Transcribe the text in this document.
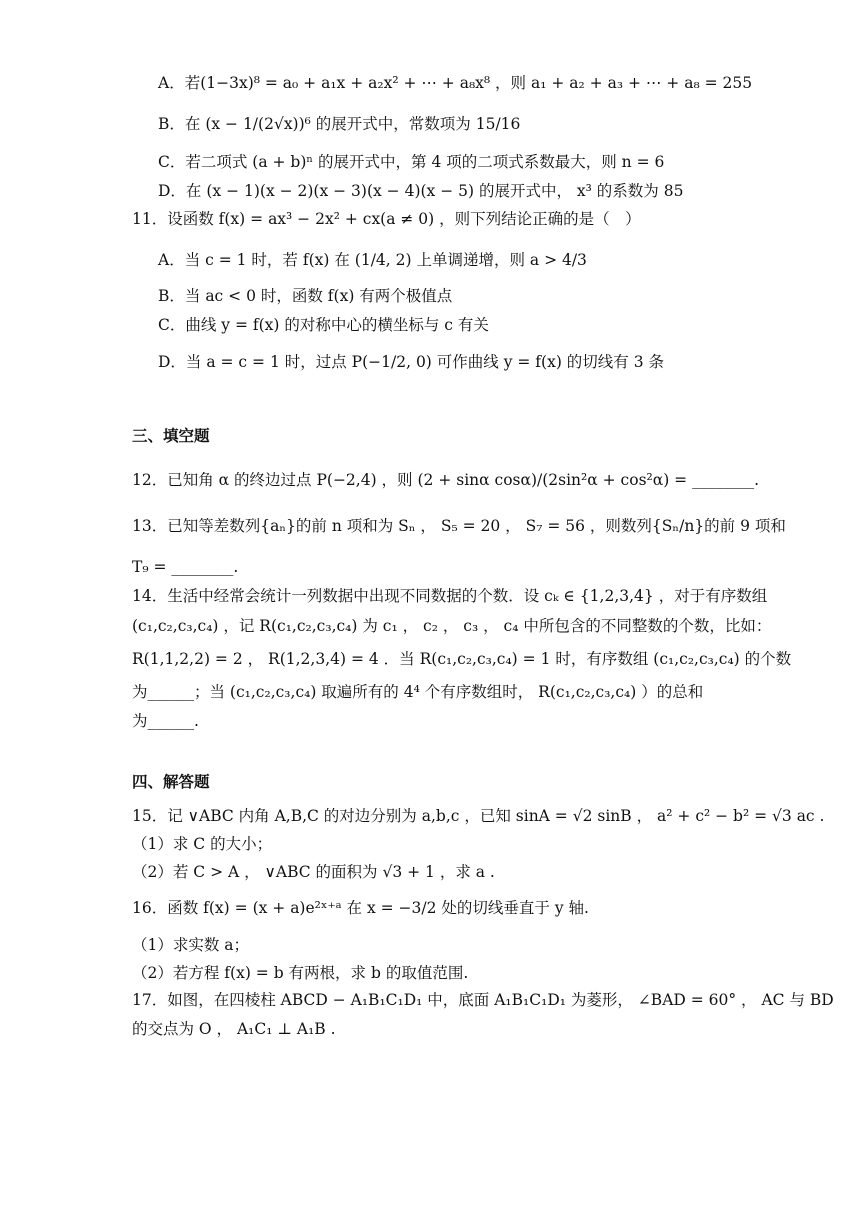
A．若(1−3x)⁸ = a₀ + a₁x + a₂x² + ⋯ + a₈x⁸ ，则 a₁ + a₂ + a₃ + ⋯ + a₈ = 255
B．在 (x − 1/(2√x))⁶ 的展开式中，常数项为 15/16
C．若二项式 (a + b)ⁿ 的展开式中，第 4 项的二项式系数最大，则 n = 6
D．在 (x − 1)(x − 2)(x − 3)(x − 4)(x − 5) 的展开式中， x³ 的系数为 85
11．设函数 f(x) = ax³ − 2x² + cx(a ≠ 0) ，则下列结论正确的是（　）
A．当 c = 1 时，若 f(x) 在 (1/4, 2) 上单调递增，则 a > 4/3
B．当 ac < 0 时，函数 f(x) 有两个极值点
C．曲线 y = f(x) 的对称中心的横坐标与 c 有关
D．当 a = c = 1 时，过点 P(−1/2, 0) 可作曲线 y = f(x) 的切线有 3 条
三、填空题
12．已知角 α 的终边过点 P(−2,4) ，则 (2 + sinα cosα)/(2sin²α + cos²α) = ________.
13．已知等差数列{aₙ}的前 n 项和为 Sₙ ， S₅ = 20 ， S₇ = 56 ，则数列{Sₙ/n}的前 9 项和
T₉ = ________.
14．生活中经常会统计一列数据中出现不同数据的个数．设 cₖ ∈ {1,2,3,4} ，对于有序数组
(c₁,c₂,c₃,c₄) ，记 R(c₁,c₂,c₃,c₄) 为 c₁ ， c₂ ， c₃ ， c₄ 中所包含的不同整数的个数，比如：
R(1,1,2,2) = 2 ， R(1,2,3,4) = 4 ．当 R(c₁,c₂,c₃,c₄) = 1 时，有序数组 (c₁,c₂,c₃,c₄) 的个数
为______；当 (c₁,c₂,c₃,c₄) 取遍所有的 4⁴ 个有序数组时， R(c₁,c₂,c₃,c₄) ）的总和
为______.
四、解答题
15．记 ∨ABC 内角 A,B,C 的对边分别为 a,b,c ，已知 sinA = √2 sinB ， a² + c² − b² = √3 ac .
（1）求 C 的大小；
（2）若 C > A ， ∨ABC 的面积为 √3 + 1 ，求 a .
16．函数 f(x) = (x + a)e²ˣ⁺ᵃ 在 x = −3/2 处的切线垂直于 y 轴.
（1）求实数 a；
（2）若方程 f(x) = b 有两根，求 b 的取值范围.
17．如图，在四棱柱 ABCD − A₁B₁C₁D₁ 中，底面 A₁B₁C₁D₁ 为菱形， ∠BAD = 60° ， AC 与 BD
的交点为 O ， A₁C₁ ⊥ A₁B .
